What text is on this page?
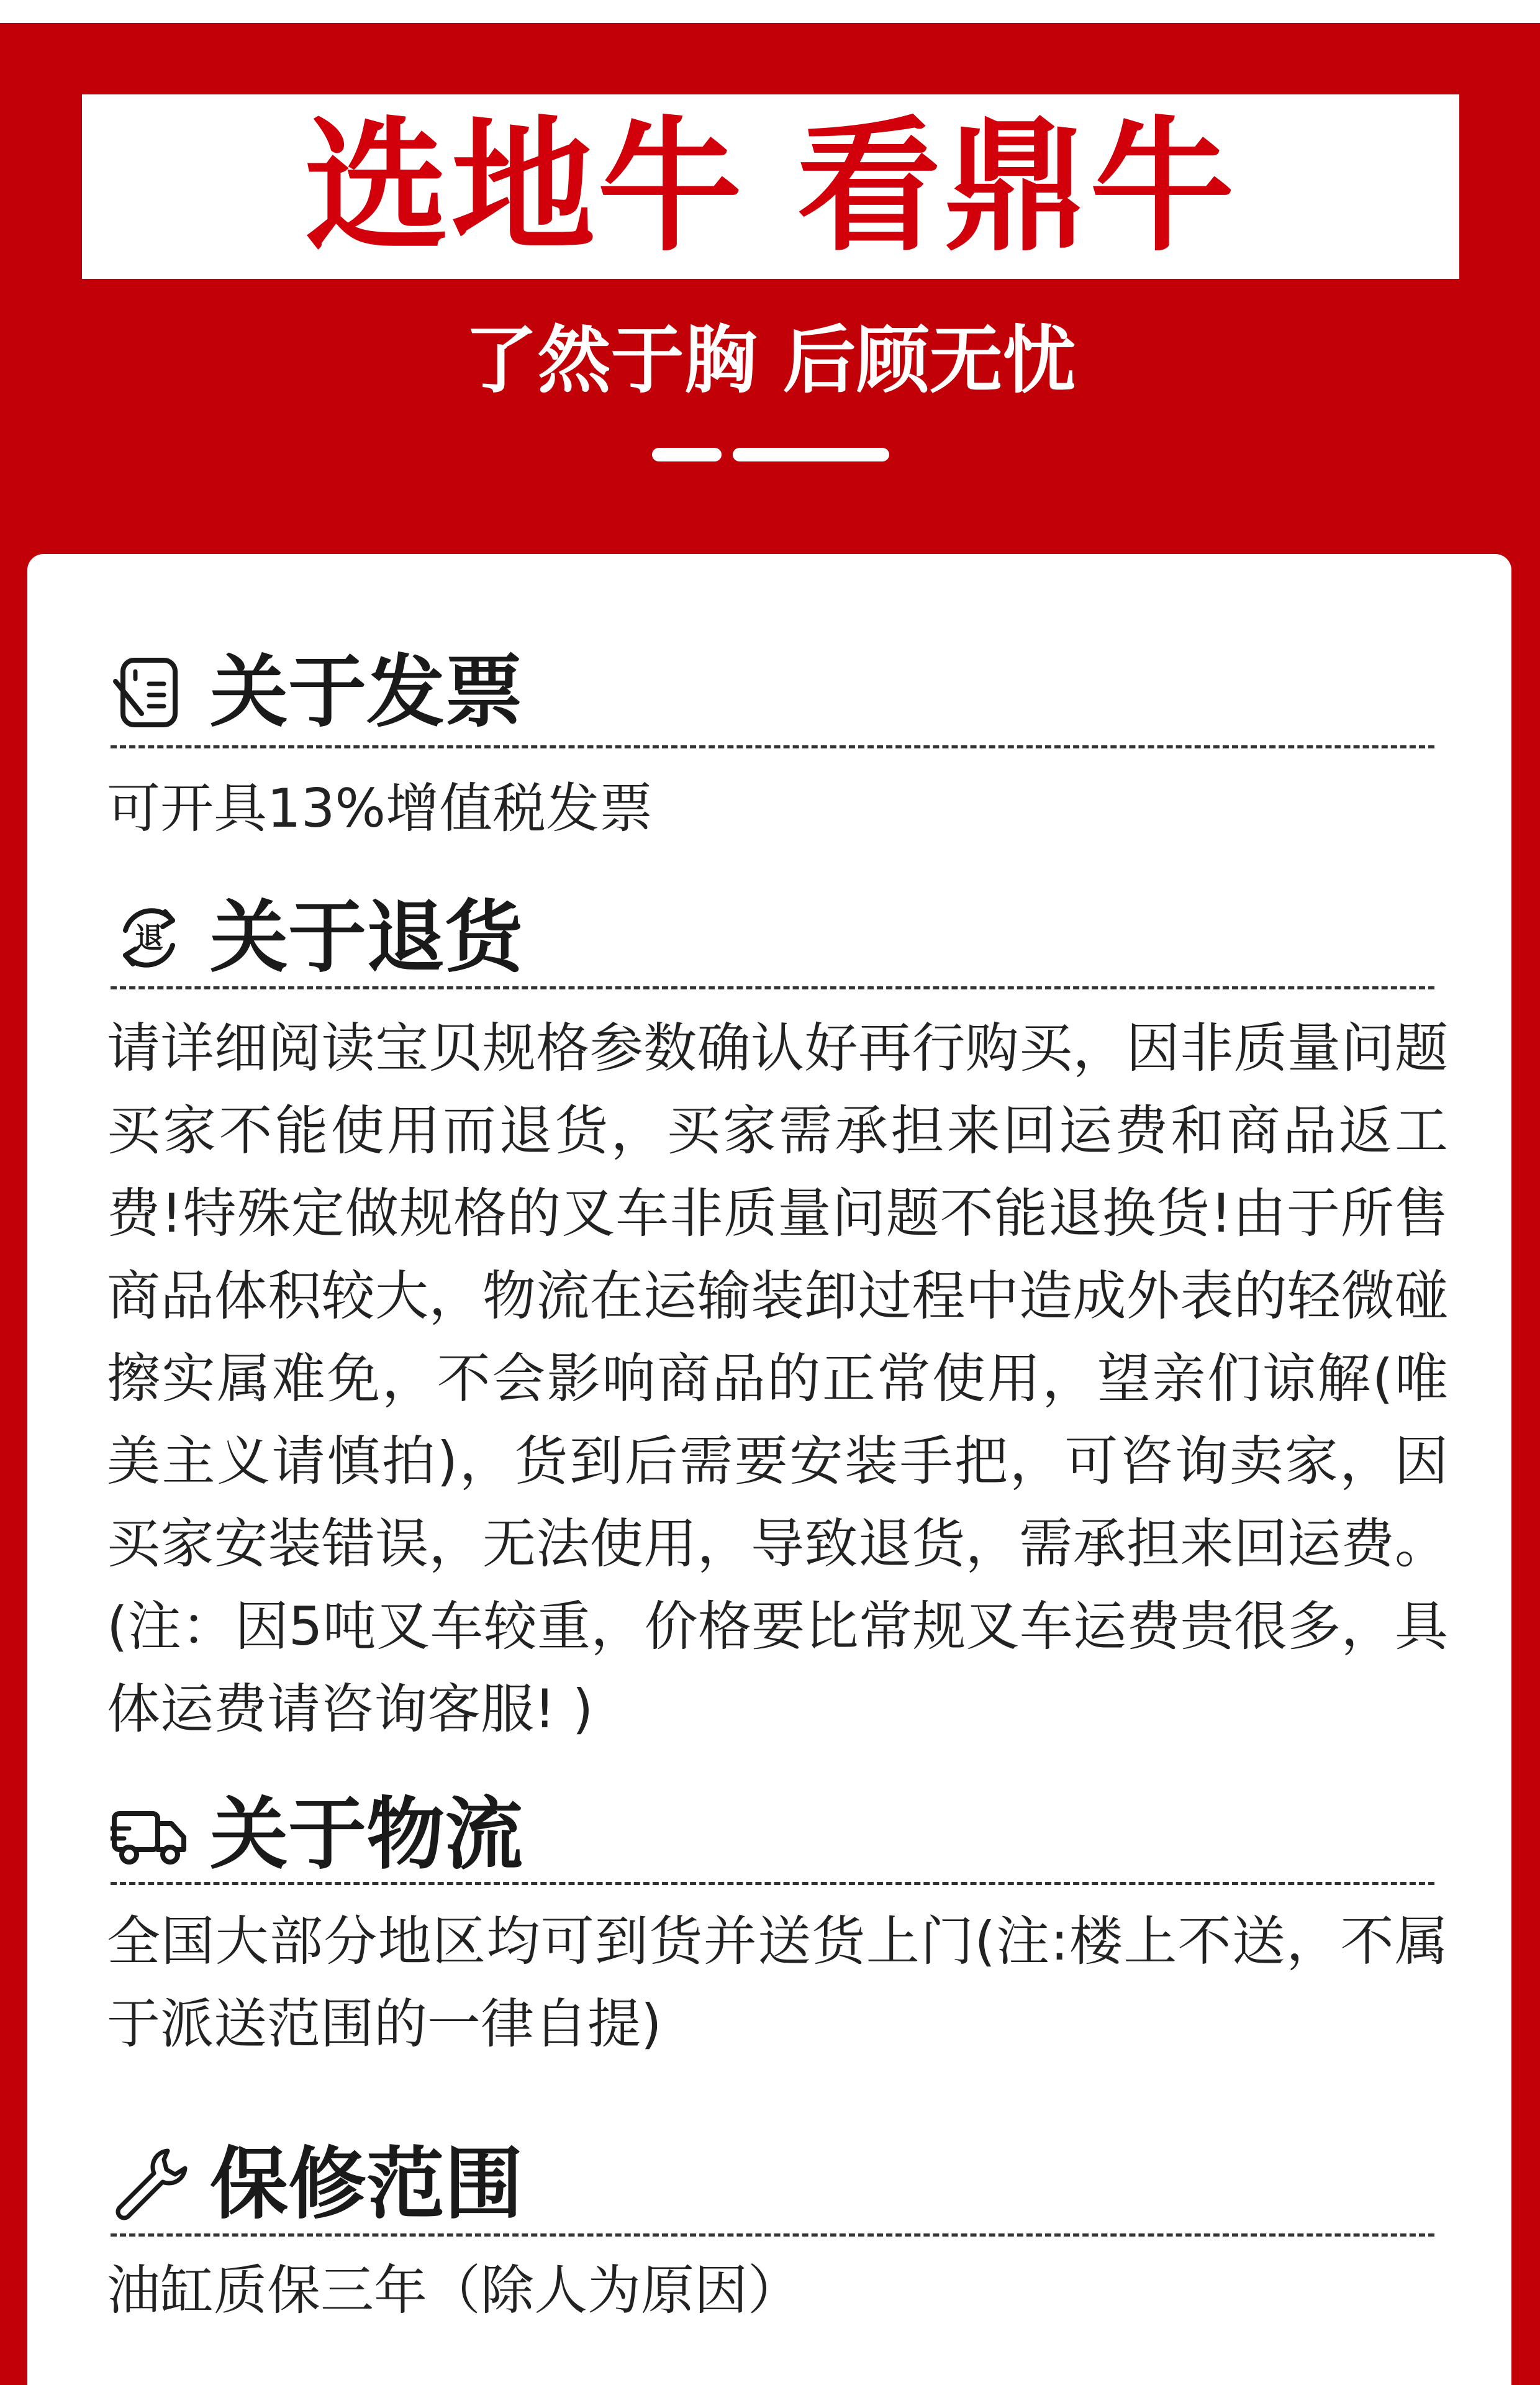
选地牛 看鼎牛
了然于胸 后顾无忧
关于发票

可开具13%增值税发票

退 关于退货

请详细阅读宝贝规格参数确认好再行购买，因非质量问题买家不能使用而退货，买家需承担来回运费和商品返工费!特殊定做规格的叉车非质量问题不能退换货!由于所售商品体积较大，物流在运输装卸过程中造成外表的轻微碰擦实属难免，不会影响商品的正常使用，望亲们谅解(唯美主义请慎拍)，货到后需要安装手把，可咨询卖家，因买家安装错误，无法使用，导致退货，需承担来回运费。(注：因5吨叉车较重，价格要比常规叉车运费贵很多，具体运费请咨询客服! )

关于物流

全国大部分地区均可到货并送货上门(注:楼上不送，不属于派送范围的一律自提)

保修范围

油缸质保三年（除人为原因）
